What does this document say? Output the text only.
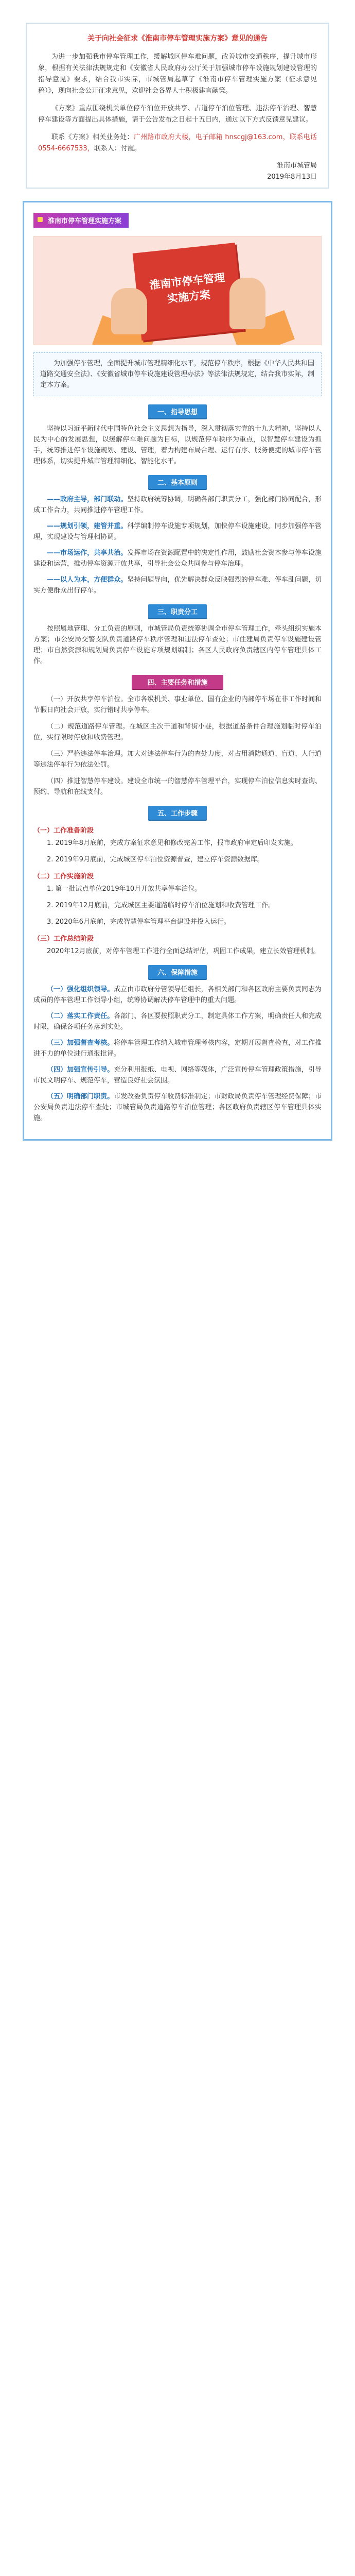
关于向社会征求《淮南市停车管理实施方案》意见的通告

为进一步加强我市停车管理工作，缓解城区停车难问题，改善城市交通秩序，提升城市形象，根据有关法律法规规定和《安徽省人民政府办公厅关于加强城市停车设施规划建设管理的指导意见》要求，结合我市实际，市城管局起草了《淮南市停车管理实施方案（征求意见稿）》，现向社会公开征求意见，欢迎社会各界人士积极建言献策。

《方案》重点围绕机关单位停车泊位开放共享、占道停车泊位管理、违法停车治理、智慧停车建设等方面提出具体措施，请于公告发布之日起十五日内，通过以下方式反馈意见建议。

联系《方案》相关业务处：广州路市政府大楼，电子邮箱 hnscgj@163.com，联系电话 0554-6667533，联系人：付霞。

淮南市城管局

2019年8月13日

淮南市停车管理实施方案
淮南市停车管理
实施方案

为加强停车管理，全面提升城市管理精细化水平，规范停车秩序，根据《中华人民共和国道路交通安全法》、《安徽省城市停车设施建设管理办法》等法律法规规定，结合我市实际，制定本方案。

一、指导思想

坚持以习近平新时代中国特色社会主义思想为指导，深入贯彻落实党的十九大精神，坚持以人民为中心的发展思想，以缓解停车难问题为目标，以规范停车秩序为重点，以智慧停车建设为抓手，统筹推进停车设施规划、建设、管理，着力构建布局合理、运行有序、服务便捷的城市停车管理体系，切实提升城市管理精细化、智能化水平。

二、基本原则

——政府主导，部门联动。坚持政府统筹协调，明确各部门职责分工，强化部门协同配合，形成工作合力，共同推进停车管理工作。

——规划引领，建管并重。科学编制停车设施专项规划，加快停车设施建设，同步加强停车管理，实现建设与管理相协调。

——市场运作，共享共治。发挥市场在资源配置中的决定性作用，鼓励社会资本参与停车设施建设和运营，推动停车资源开放共享，引导社会公众共同参与停车治理。

——以人为本，方便群众。坚持问题导向，优先解决群众反映强烈的停车难、停车乱问题，切实方便群众出行停车。

三、职责分工

按照属地管理、分工负责的原则，市城管局负责统筹协调全市停车管理工作，牵头组织实施本方案；市公安局交警支队负责道路停车秩序管理和违法停车查处；市住建局负责停车设施建设管理；市自然资源和规划局负责停车设施专项规划编制；各区人民政府负责辖区内停车管理具体工作。

四、主要任务和措施

（一）开放共享停车泊位。全市各级机关、事业单位、国有企业的内部停车场在非工作时间和节假日向社会开放，实行错时共享停车。

（二）规范道路停车管理。在城区主次干道和背街小巷，根据道路条件合理施划临时停车泊位，实行限时停放和收费管理。

（三）严格违法停车治理。加大对违法停车行为的查处力度，对占用消防通道、盲道、人行道等违法停车行为依法处罚。

（四）推进智慧停车建设。建设全市统一的智慧停车管理平台，实现停车泊位信息实时查询、预约、导航和在线支付。

五、工作步骤
（一）工作准备阶段

1. 2019年8月底前，完成方案征求意见和修改完善工作，报市政府审定后印发实施。

2. 2019年9月底前，完成城区停车泊位资源普查，建立停车资源数据库。

（二）工作实施阶段

1. 第一批试点单位2019年10月开放共享停车泊位。

2. 2019年12月底前，完成城区主要道路临时停车泊位施划和收费管理工作。

3. 2020年6月底前，完成智慧停车管理平台建设并投入运行。

（三）工作总结阶段

2020年12月底前，对停车管理工作进行全面总结评估，巩固工作成果，建立长效管理机制。

六、保障措施

（一）强化组织领导。成立由市政府分管领导任组长，各相关部门和各区政府主要负责同志为成员的停车管理工作领导小组，统筹协调解决停车管理中的重大问题。

（二）落实工作责任。各部门、各区要按照职责分工，制定具体工作方案，明确责任人和完成时限，确保各项任务落到实处。

（三）加强督查考核。将停车管理工作纳入城市管理考核内容，定期开展督查检查，对工作推进不力的单位进行通报批评。

（四）加强宣传引导。充分利用报纸、电视、网络等媒体，广泛宣传停车管理政策措施，引导市民文明停车、规范停车，营造良好社会氛围。

（五）明确部门职责。市发改委负责停车收费标准制定；市财政局负责停车管理经费保障；市公安局负责违法停车查处；市城管局负责道路停车泊位管理；各区政府负责辖区停车管理具体实施。
